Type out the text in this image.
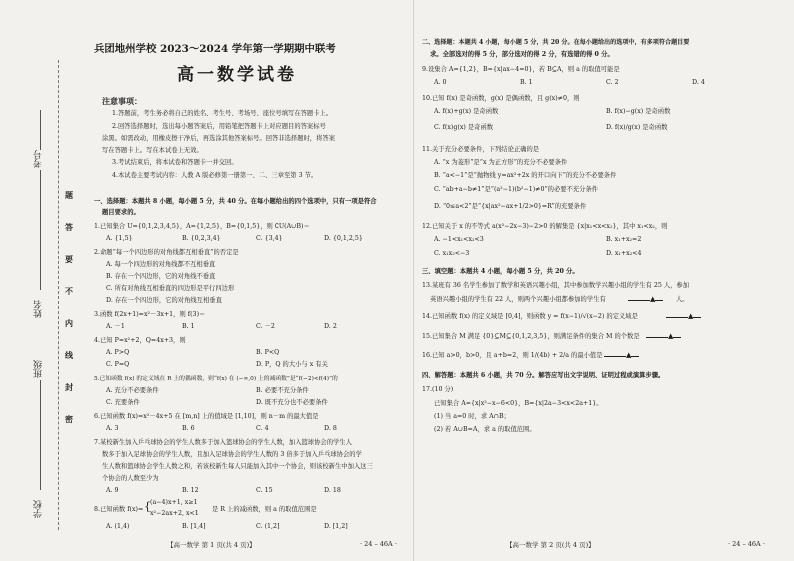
考号
姓名
班级
学校
题
答
要
不
内
线
封
密
兵团地州学校 2023～2024 学年第一学期期中联考
高一数学试卷
注意事项：
1.答题前，考生务必将自己的姓名、考生号、考场号、座位号填写在答题卡上。
2.回答选择题时，选出每小题答案后，用铅笔把答题卡上对应题目的答案标号
涂黑。如需改动，用橡皮擦干净后，再选涂其他答案标号。回答非选择题时，将答案
写在答题卡上。写在本试卷上无效。
3.考试结束后，将本试卷和答题卡一并交回。
4.本试卷主要考试内容：人教 A 版必修第一册第一、二、三章至第 3 节。
一、选择题：本题共 8 小题，每小题 5 分，共 40 分。在每小题给出的四个选项中，只有一项是符合
题目要求的。
1.已知集合 U={0,1,2,3,4,5}，A={1,2,5}，B={0,1,5}，则 ∁U(A∪B)＝
A. {1,5}	B. {0,2,3,4}	C. {3,4}	D. {0,1,2,5}
2.命题“每一个四边形的对角线都互相垂直”的否定是
A. 每一个四边形的对角线都不互相垂直
B. 存在一个四边形，它的对角线不垂直
C. 所有对角线互相垂直的四边形是平行四边形
D. 存在一个四边形，它的对角线互相垂直
3.函数 f(2x+1)=x²－3x+1，则 f(3)＝
A. －1	B. 1	C. －2	D. 2
4.已知 P=x²+2，Q=4x+3，则
A. P>Q	B. P<Q
C. P=Q	D. P，Q 的大小与 x 有关
5.已知函数 f(x) 的定义域在 R 上的偶函数，则“f(x) 在 (−∞,0) 上的减函数”是“f(−2)<f(4)”的
A. 充分不必要条件	B. 必要不充分条件
C. 充要条件	D. 既不充分也不必要条件
6.已知函数 f(x)=x²－4x+5 在 [m,n] 上的值域是 [1,10]，则 n－m 的最大值是
A. 3	B. 6	C. 4	D. 8
7.某校新生加入乒乓球协会的学生人数多于加入篮球协会的学生人数，加入篮球协会的学生人
数多于加入足球协会的学生人数，且加入足球协会的学生人数的 3 倍多于加入乒乓球协会的学
生人数和篮球协会学生人数之和，若该校新生每人只能加入其中一个协会，则该校新生中加入这三
个协会的人数至少为
A. 9	B. 12	C. 15	D. 18
8.已知函数 f(x)= { (a−4)x+1, x≥1
x²−2ax+2, x<1
是 R 上的减函数，则 a 的取值范围是
A. (1,4)	B. [1,4]	C. (1,2]	D. [1,2]
【高一数学 第 1 页(共 4 页)】	· 24 – 46A ·
二、选择题：本题共 4 小题，每小题 5 分，共 20 分。在每小题给出的选项中，有多项符合题目要
求。全部选对的得 5 分，部分选对的得 2 分，有选错的得 0 分。
9.设集合 A={1,2}，B={x|ax−4=0}，若 B⊆A，则 a 的取值可能是
A. 0	B. 1	C. 2	D. 4
10.已知 f(x) 是奇函数，g(x) 是偶函数，且 g(x)≠0，则
A. f(x)+g(x) 是奇函数	B. f(x)−g(x) 是奇函数
C. f(x)g(x) 是奇函数	D. f(x)/g(x) 是奇函数
11.关于充分必要条件，下列结论正确的是
A. “x 为菱形”是“x 为正方形”的充分不必要条件
B. “a<−1”是“抛物线 y=ax²+2x 的开口向下”的充分不必要条件
C. “ab+a−b≠1”是“(a²−1)(b²−1)≠0”的必要不充分条件
D. “0≤a<2”是“{x|ax²−ax+1/2>0}=R”的充要条件
12.已知关于 x 的不等式 a(x²−2x−3)−2>0 的解集是 {x|x₁<x<x₂}，其中 x₁<x₂，则
A. −1<x₁<x₂<3	B. x₁+x₂=2
C. x₁x₂<−3	D. x₁+x₂<4
三、填空题：本题共 4 小题，每小题 5 分，共 20 分。
13.某班有 36 名学生参加了数学和英语兴趣小组，其中参加数学兴趣小组的学生有 25 人，参加
英语兴趣小组的学生有 22 人，则两个兴趣小组都参加的学生有	▲	人。
14.已知函数 f(x) 的定义域是 [0,4]，则函数 y = f(x−1)/√(x−2) 的定义域是	▲
15.已知集合 M 满足 {0}⊆M⊆{0,1,2,3,5}，则满足条件的集合 M 的个数是	▲
16.已知 a>0，b>0，且 a+b=2，则 1/(4b) + 2/a 的最小值是	▲
四、解答题：本题共 6 小题，共 70 分。解答应写出文字说明、证明过程或演算步骤。
17.(10 分)
已知集合 A={x|x²−x−6<0}，B={x|2a−3<x<2a+1}。
(1) 当 a=0 时，求 A∩B；
(2) 若 A∪B=A，求 a 的取值范围。
【高一数学 第 2 页(共 4 页)】	· 24 – 46A ·
